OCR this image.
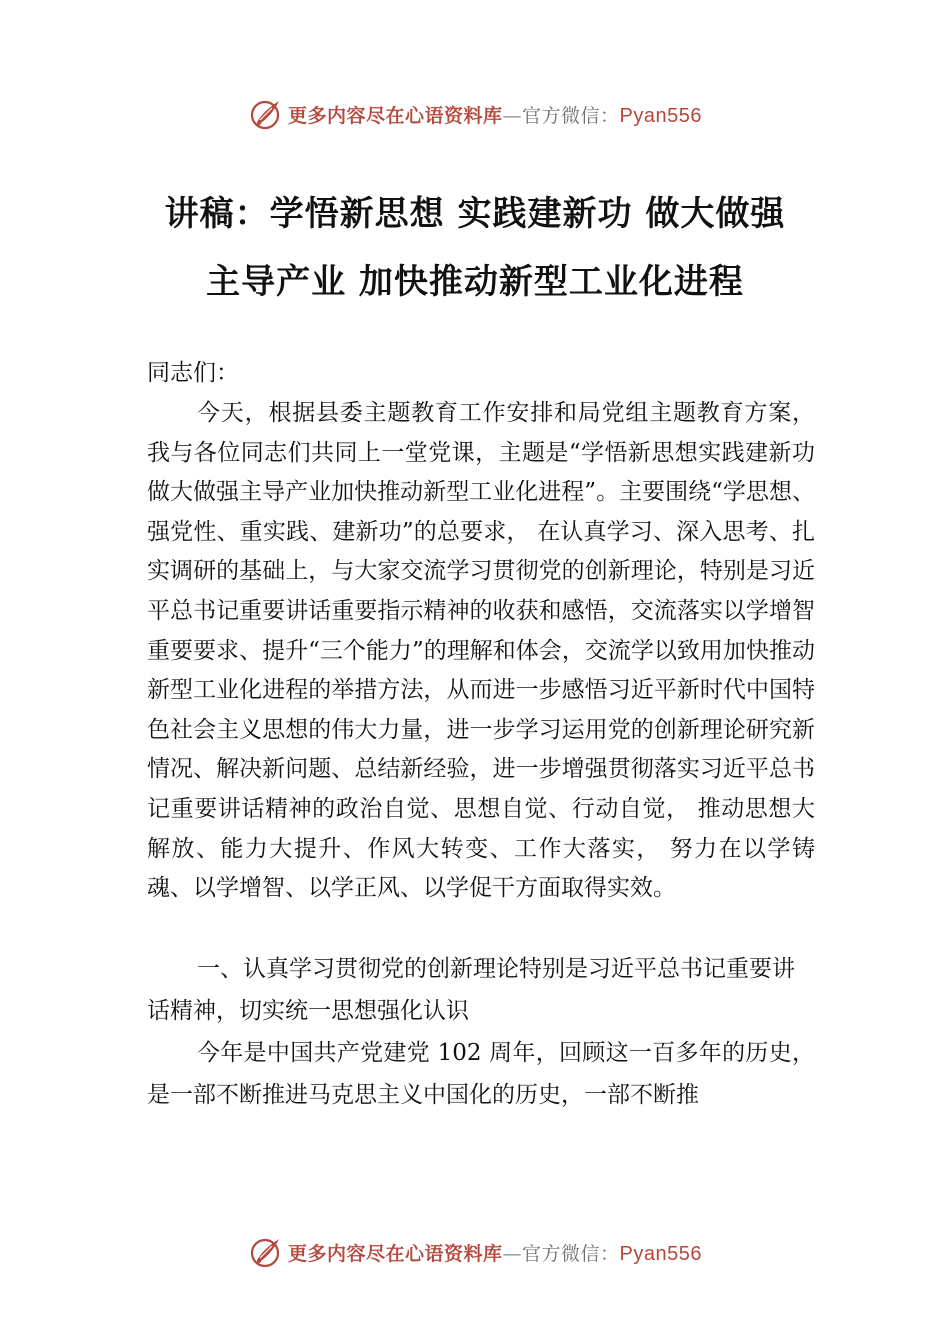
更多内容尽在心语资料库—官方微信：Pyan556
讲稿：学悟新思想 实践建新功 做大做强
主导产业 加快推动新型工业化进程
同志们：
今天，根据县委主题教育工作安排和局党组主题教育方案，我与各位同志们共同上一堂党课，主题是“学悟新思想实践建新功做大做强主导产业加快推动新型工业化进程”。主要围绕“学思想、强党性、重实践、建新功”的总要求， 在认真学习、深入思考、扎实调研的基础上，与大家交流学习贯彻党的创新理论，特别是习近平总书记重要讲话重要指示精神的收获和感悟，交流落实以学增智重要要求、提升“三个能力”的理解和体会，交流学以致用加快推动新型工业化进程的举措方法，从而进一步感悟习近平新时代中国特色社会主义思想的伟大力量，进一步学习运用党的创新理论研究新情况、解决新问题、总结新经验，进一步增强贯彻落实习近平总书记重要讲话精神的政治自觉、思想自觉、行动自觉， 推动思想大解放、能力大提升、作风大转变、工作大落实， 努力在以学铸魂、以学增智、以学正风、以学促干方面取得实效。
一、认真学习贯彻党的创新理论特别是习近平总书记重要讲话精神，切实统一思想强化认识
今年是中国共产党建党 102 周年，回顾这一百多年的历史，是一部不断推进马克思主义中国化的历史，一部不断推
更多内容尽在心语资料库—官方微信：Pyan556
